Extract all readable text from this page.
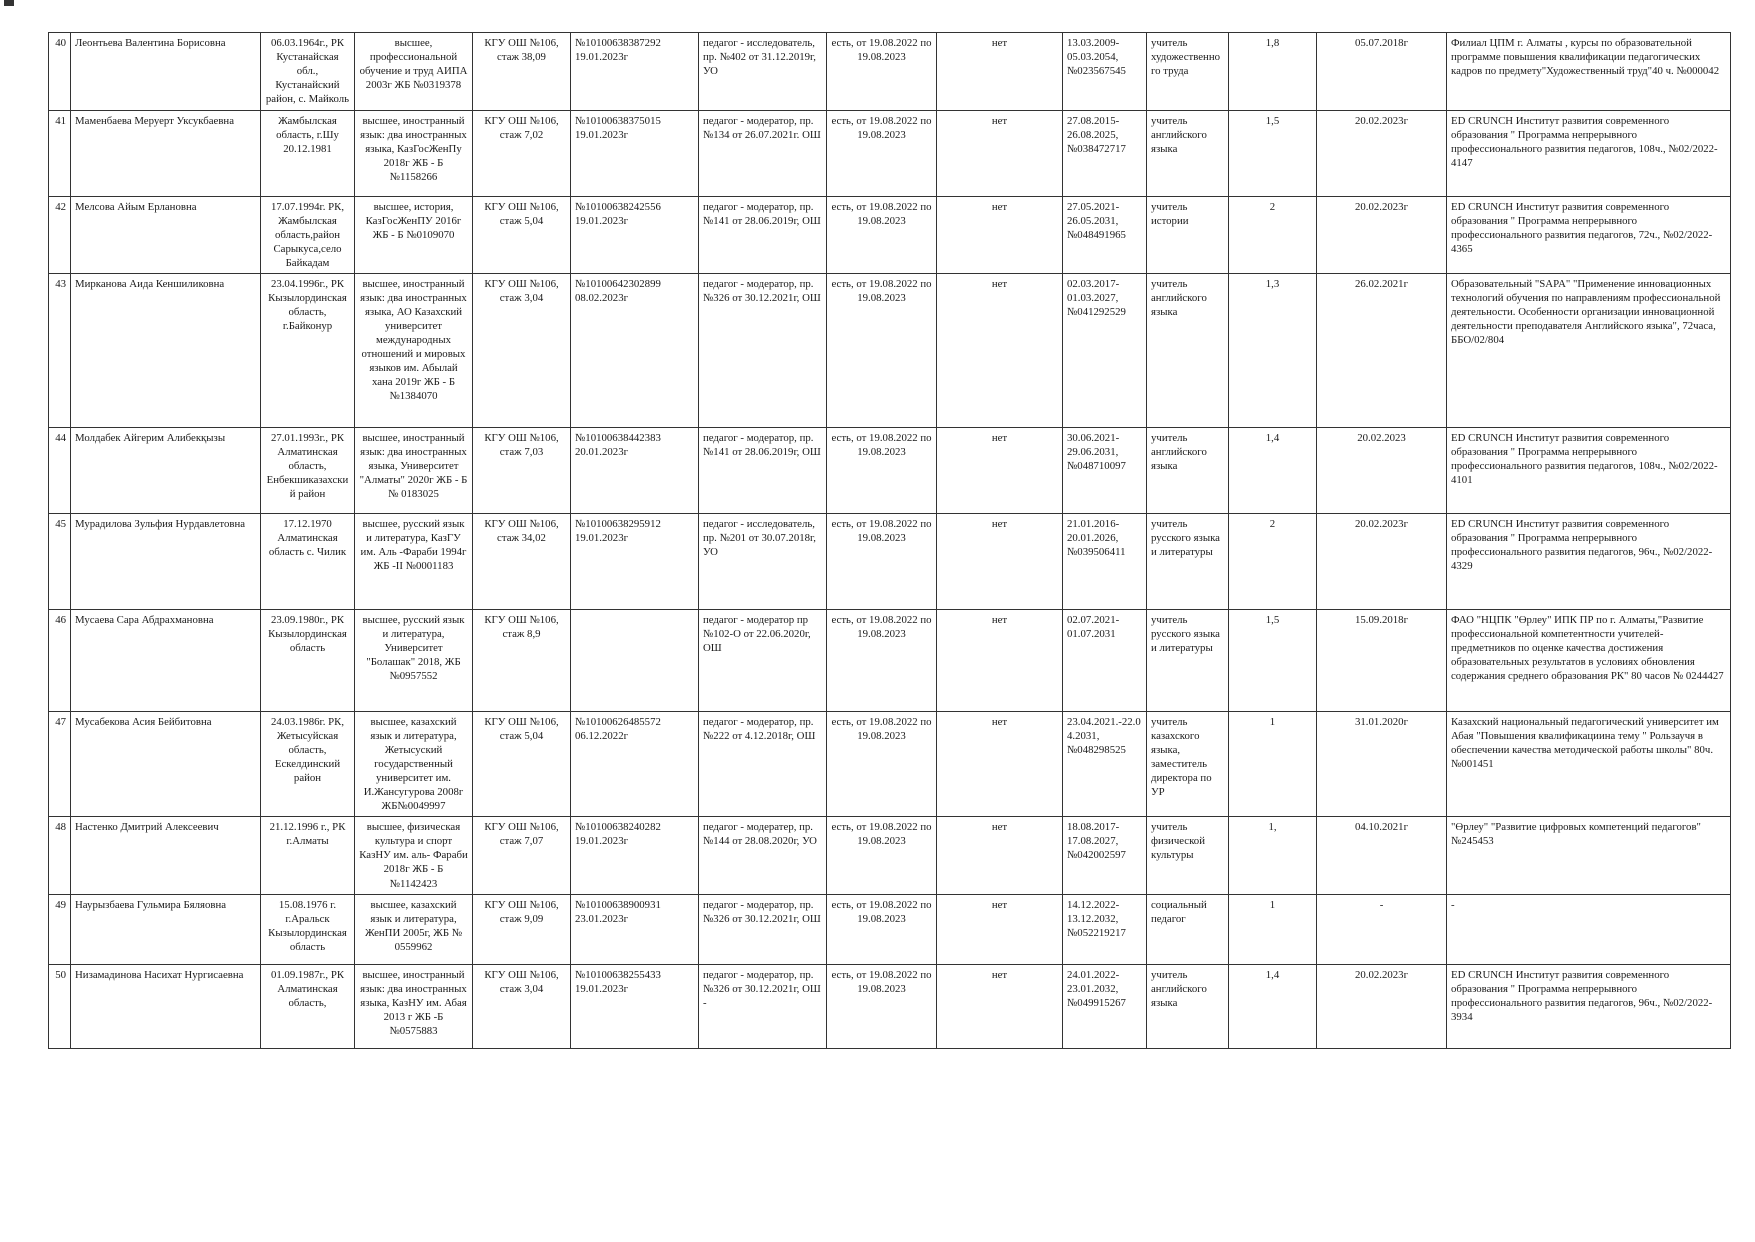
40	Леонтьева Валентина Борисовна	06.03.1964г., РК Кустанайская обл., Кустанайский район, с. Майколь	высшее, профессиональной обучение и труд АИПА 2003г ЖБ №0319378	КГУ ОШ №106, стаж 38,09	№10100638387292 19.01.2023г	педагог - исследователь, пр. №402 от 31.12.2019г, УО	есть, от 19.08.2022 по 19.08.2023	нет	13.03.2009-05.03.2054, №023567545	учитель художественного труда	1,8	05.07.2018г	Филиал ЦПМ г. Алматы , курсы по образовательной программе повышения квалификации педагогических кадров по предмету"Художественный труд"40 ч. №000042
41	Маменбаева Меруерт Уксукбаевна	Жамбылская область, г.Шу 20.12.1981	высшее, иностранный язык: два иностранных языка, КазГосЖенПу 2018г ЖБ - Б №1158266	КГУ ОШ №106, стаж 7,02	№10100638375015 19.01.2023г	педагог - модератор, пр. №134 от 26.07.2021г. ОШ	есть, от 19.08.2022 по 19.08.2023	нет	27.08.2015-26.08.2025, №038472717	учитель английского языка	1,5	20.02.2023г	ED CRUNCH Институт развития современного образования " Программа непрерывного профессионального развития педагогов, 108ч., №02/2022-4147
42	Мелсова Айым Ерлановна	17.07.1994г. РК, Жамбылская область,район Сарыкуса,село Байкадам	высшее, история, КазГосЖенПУ 2016г ЖБ - Б №0109070	КГУ ОШ №106, стаж 5,04	№10100638242556 19.01.2023г	педагог - модератор, пр. №141 от 28.06.2019г, ОШ	есть, от 19.08.2022 по 19.08.2023	нет	27.05.2021-26.05.2031, №048491965	учитель истории	2	20.02.2023г	ED CRUNCH Институт развития современного образования " Программа непрерывного профессионального развития педагогов, 72ч., №02/2022-4365
43	Мирканова Аида Кеншиликовна	23.04.1996г., РК Кызылординская область, г.Байконур	высшее, иностранный язык: два иностранных языка, АО Казахский университет международных отношений и мировых языков им. Абылай хана 2019г ЖБ - Б №1384070	КГУ ОШ №106, стаж 3,04	№10100642302899 08.02.2023г	педагог - модератор, пр. №326 от 30.12.2021г, ОШ	есть, от 19.08.2022 по 19.08.2023	нет	02.03.2017-01.03.2027, №041292529	учитель английского языка	1,3	26.02.2021г	Образовательный "SAPA" "Применение инновационных технологий обучения по направлениям профессиональной деятельности. Особенности организации инновационной деятельности преподавателя Английского языка", 72часа, ББО/02/804
44	Молдабек Айгерим Алибекқызы	27.01.1993г., РК Алматинская область, Енбекшиказахский район	высшее, иностранный язык: два иностранных языка, Университет "Алматы" 2020г ЖБ - Б № 0183025	КГУ ОШ №106, стаж 7,03	№10100638442383 20.01.2023г	педагог - модератор, пр. №141 от 28.06.2019г, ОШ	есть, от 19.08.2022 по 19.08.2023	нет	30.06.2021-29.06.2031, №048710097	учитель английского языка	1,4	20.02.2023	ED CRUNCH Институт развития современного образования " Программа непрерывного профессионального развития педагогов, 108ч., №02/2022-4101
45	Мурадилова Зульфия Нурдавлетовна	17.12.1970 Алматинская область с. Чилик	высшее, русский язык и литература, КазГУ им. Аль -Фараби 1994г ЖБ -II №0001183	КГУ ОШ №106, стаж 34,02	№10100638295912 19.01.2023г	педагог - исследователь, пр. №201 от 30.07.2018г, УО	есть, от 19.08.2022 по 19.08.2023	нет	21.01.2016-20.01.2026, №039506411	учитель русского языка и литературы	2	20.02.2023г	ED CRUNCH Институт развития современного образования " Программа непрерывного профессионального развития педагогов, 96ч., №02/2022-4329
46	Мусаева Сара Абдрахмановна	23.09.1980г., РК Кызылординская область	высшее, русский язык и литература, Университет "Болашак" 2018, ЖБ №0957552	КГУ ОШ №106, стаж 8,9		педагог - модератор пр №102-О от 22.06.2020г, ОШ	есть, от 19.08.2022 по 19.08.2023	нет	02.07.2021-01.07.2031	учитель русского языка и литературы	1,5	15.09.2018г	ФАО "НЦПК "Өрлеу" ИПК ПР по г. Алматы,"Развитие профессиональной компетентности учителей-предметников по оценке качества достижения образовательных результатов в условиях обновления содержания среднего образования РК" 80 часов № 0244427
47	Мусабекова Асия Бейбитовна	24.03.1986г. РК, Жетысуйская область, Ескелдинский район	высшее, казахский язык и литература, Жетысуский государственный университет им. И.Жансугурова 2008г ЖБ№0049997	КГУ ОШ №106, стаж 5,04	№10100626485572 06.12.2022г	педагог - модератор, пр. №222 от 4.12.2018г, ОШ	есть, от 19.08.2022 по 19.08.2023	нет	23.04.2021.-22.04.2031, №048298525	учитель казахского языка, заместитель директора по УР	1	31.01.2020г	Казахский национальный педагогический университет им Абая "Повышения квалификациина тему " Рользаучя в обеспечении качества методической работы школы" 80ч. №001451
48	Настенко Дмитрий Алексеевич	21.12.1996 г., РК г.Алматы	высшее, физическая культура и спорт КазНУ им. аль- Фараби 2018г ЖБ - Б №1142423	КГУ ОШ №106, стаж 7,07	№10100638240282 19.01.2023г	педагог - модератер, пр. №144 от 28.08.2020г, УО	есть, от 19.08.2022 по 19.08.2023	нет	18.08.2017-17.08.2027, №042002597	учитель физической культуры	1,	04.10.2021г	"Өрлеу" "Развитие цифровых компетенций педагогов" №245453
49	Наурызбаева Гульмира Бяляовна	15.08.1976 г. г.Аральск Кызылординская область	высшее, казахский язык и литература, ЖенПИ 2005г, ЖБ № 0559962	КГУ ОШ №106, стаж 9,09	№10100638900931 23.01.2023г	педагог - модератор, пр. №326 от 30.12.2021г, ОШ	есть, от 19.08.2022 по 19.08.2023	нет	14.12.2022-13.12.2032, №052219217	социальный педагог	1	-	-
50	Низамадинова Насихат Нургисаевна	01.09.1987г., РК Алматинская область,	высшее, иностранный язык: два иностранных языка, КазНУ им. Абая 2013 г ЖБ -Б №0575883	КГУ ОШ №106, стаж 3,04	№10100638255433 19.01.2023г	педагог - модератор, пр. №326 от 30.12.2021г, ОШ -	есть, от 19.08.2022 по 19.08.2023	нет	24.01.2022-23.01.2032, №049915267	учитель английского языка	1,4	20.02.2023г	ED CRUNCH Институт развития современного образования " Программа непрерывного профессионального развития педагогов, 96ч., №02/2022-3934
